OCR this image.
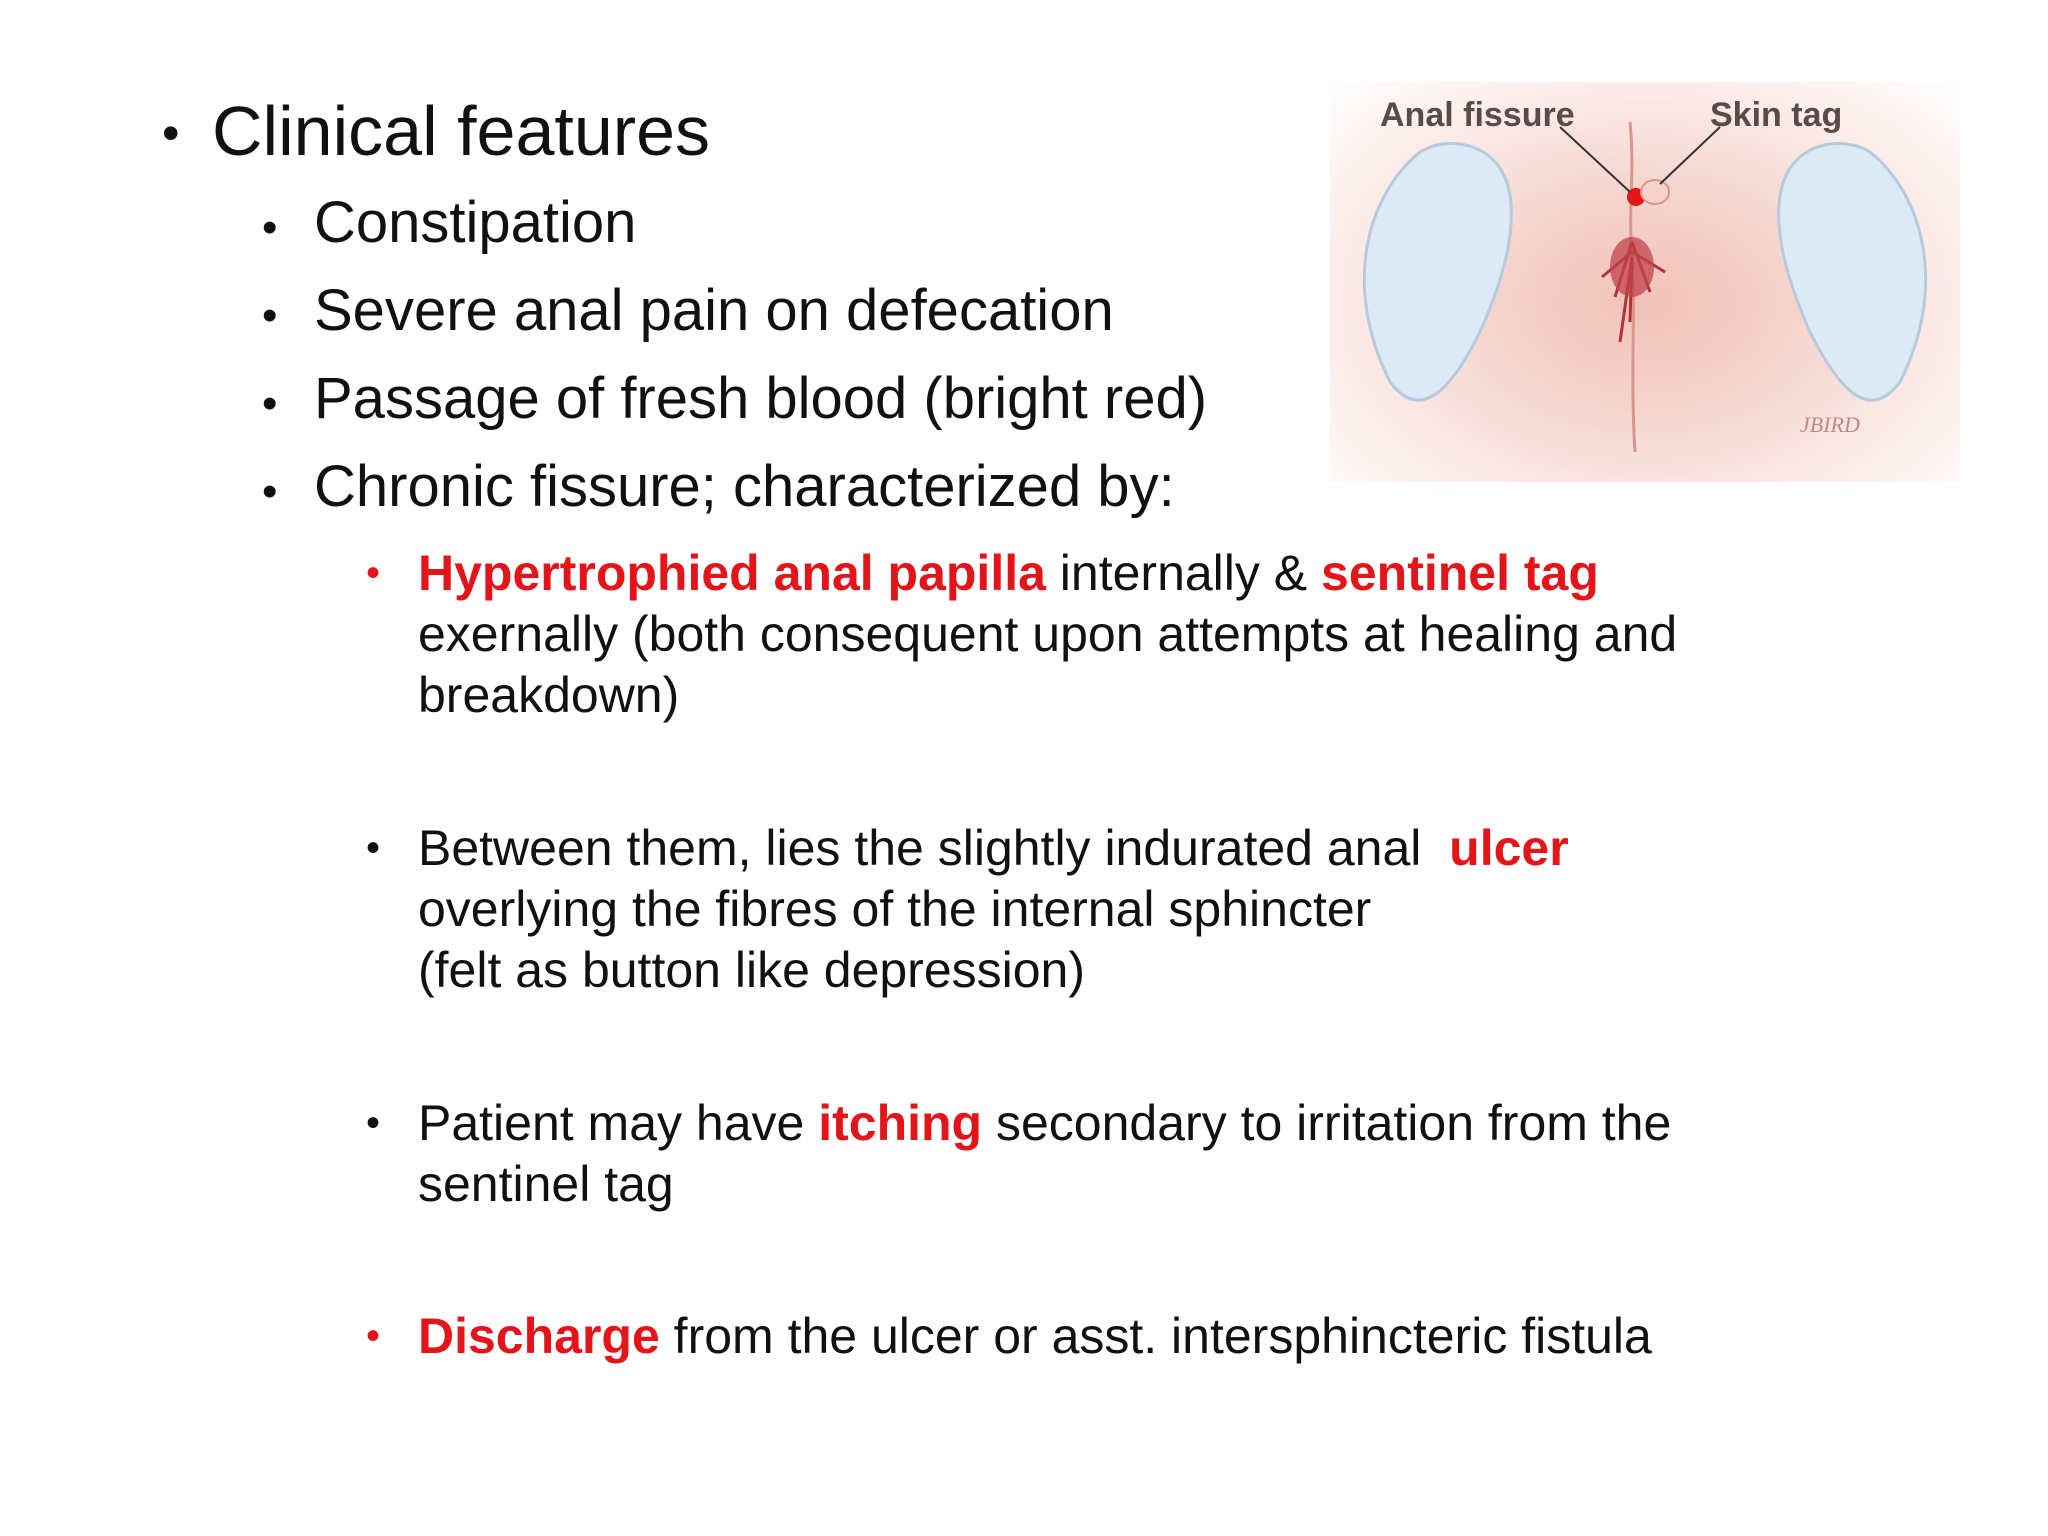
• Clinical features
• Constipation
• Severe anal pain on defecation
• Passage of fresh blood (bright red)
• Chronic fissure; characterized by:
• Hypertrophied anal papilla internally & sentinel tag
exernally (both consequent upon attempts at healing and
breakdown)
• Between them, lies the slightly indurated anal  ulcer
overlying the fibres of the internal sphincter
(felt as button like depression)
• Patient may have itching secondary to irritation from the
sentinel tag
• Discharge from the ulcer or asst. intersphincteric fistula
JBIRD
Anal fissure	Skin tag
